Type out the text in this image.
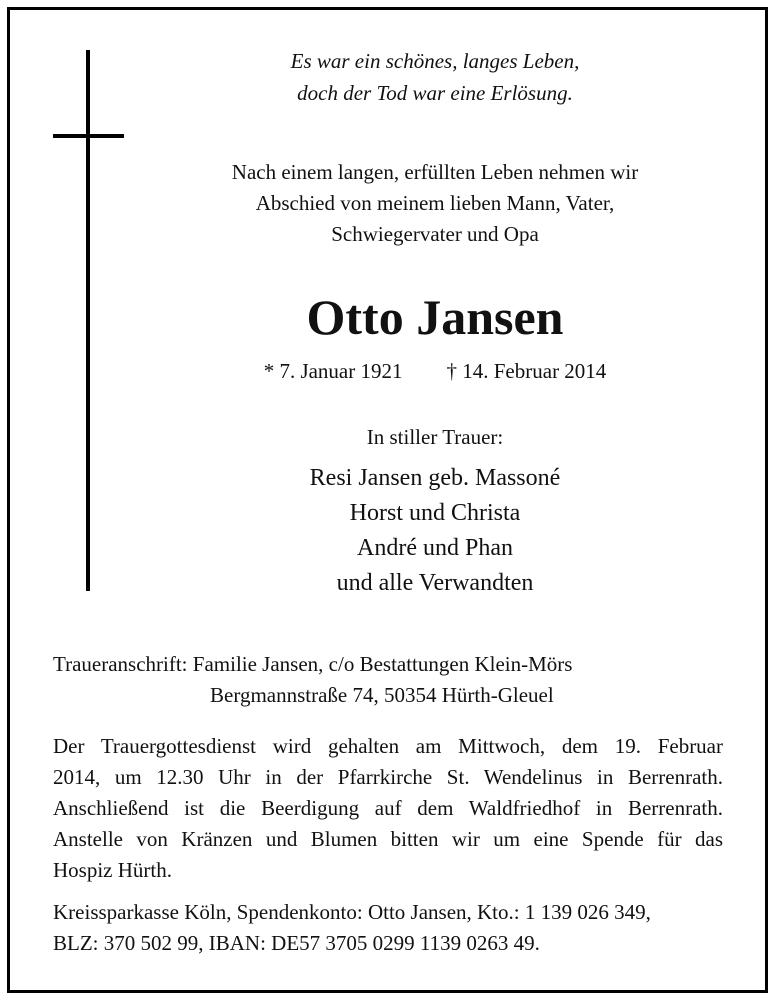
Es war ein schönes, langes Leben,
doch der Tod war eine Erlösung.
Nach einem langen, erfüllten Leben nehmen wir
Abschied von meinem lieben Mann, Vater,
Schwiegervater und Opa
Otto Jansen
* 7. Januar 1921 † 14. Februar 2014
In stiller Trauer:
Resi Jansen geb. Massoné
Horst und Christa
André und Phan
und alle Verwandten
Traueranschrift: Familie Jansen, c/o Bestattungen Klein-Mörs
Bergmannstraße 74, 50354 Hürth-Gleuel
Der Trauergottesdienst wird gehalten am Mittwoch, dem 19. Februar
2014, um 12.30 Uhr in der Pfarrkirche St. Wendelinus in Berrenrath.
Anschließend ist die Beerdigung auf dem Waldfriedhof in Berrenrath.
Anstelle von Kränzen und Blumen bitten wir um eine Spende für das
Hospiz Hürth.
Kreissparkasse Köln, Spendenkonto: Otto Jansen, Kto.: 1 139 026 349,
BLZ: 370 502 99, IBAN: DE57 3705 0299 1139 0263 49.
